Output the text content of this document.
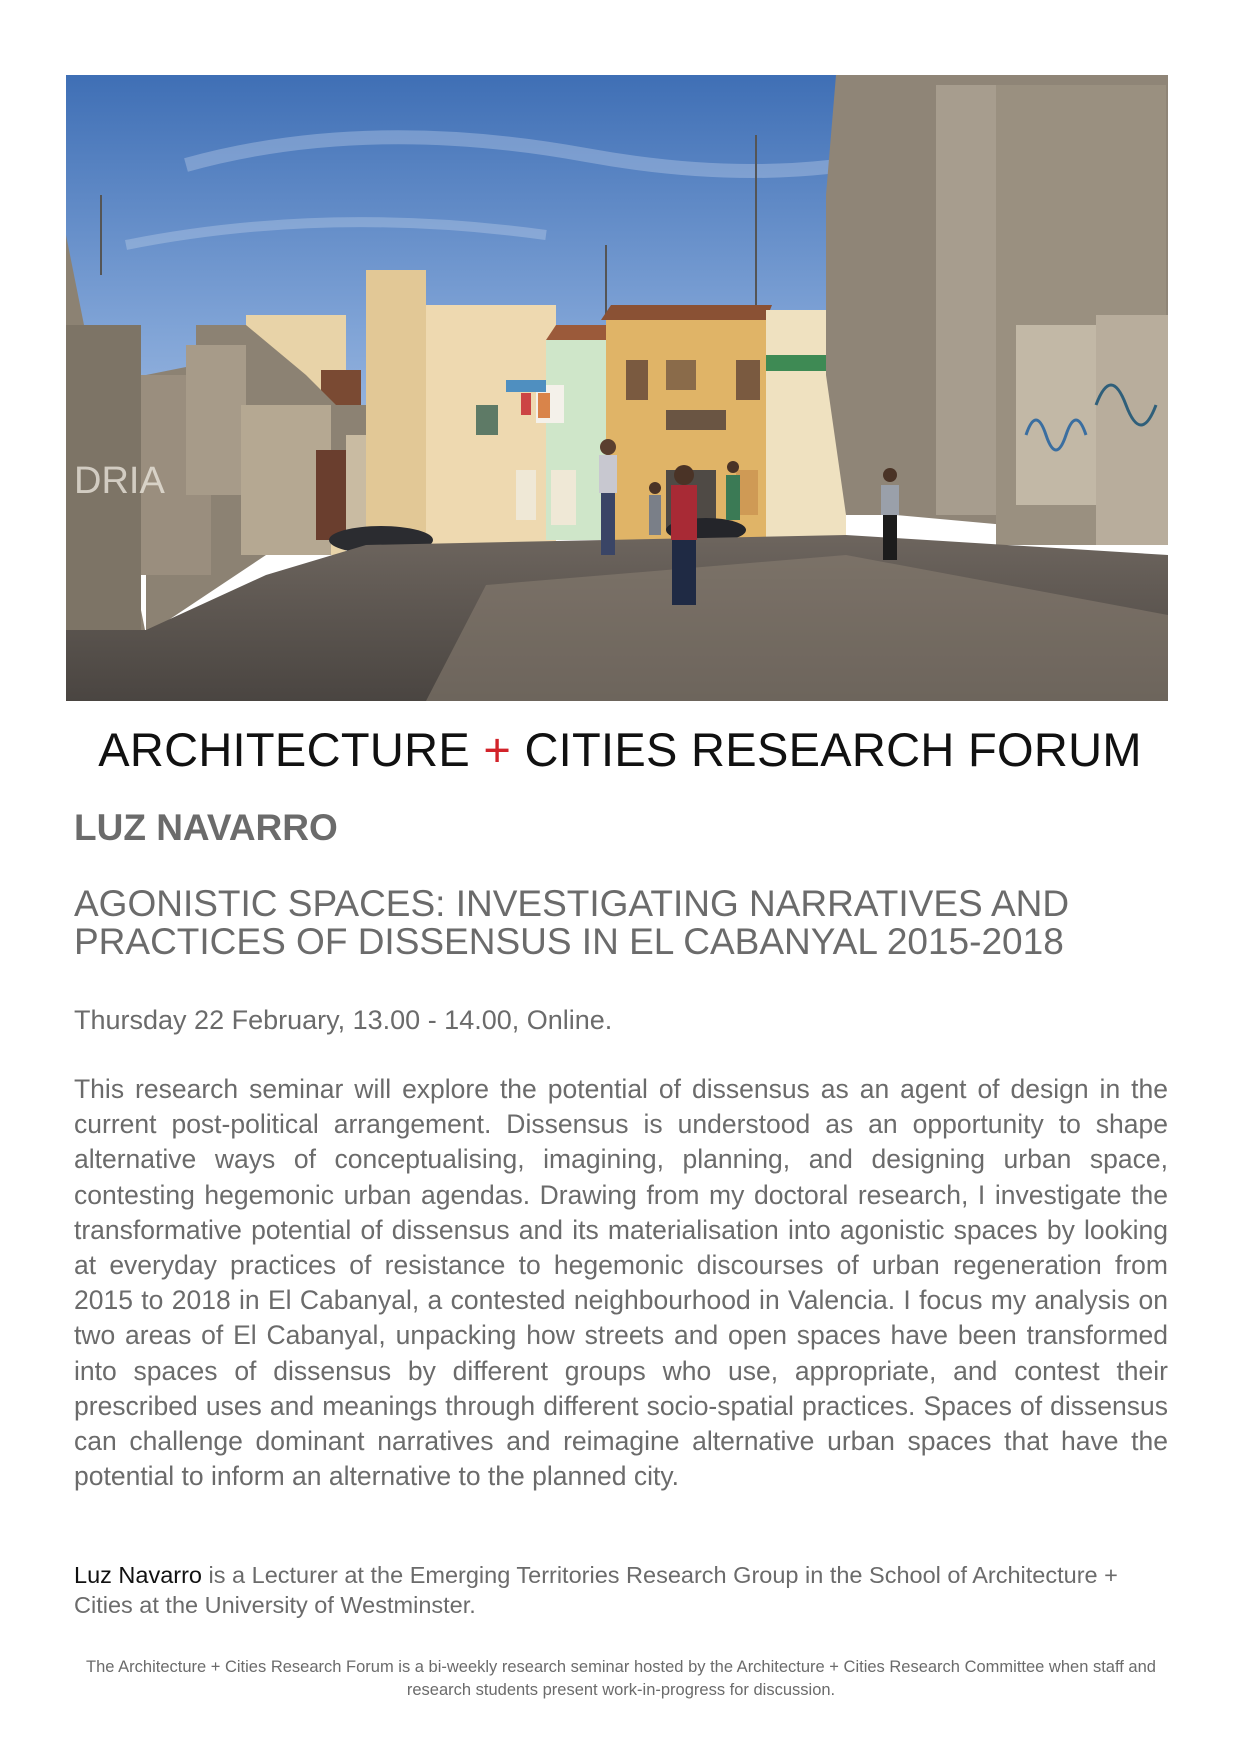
DRIA
ARCHITECTURE + CITIES RESEARCH FORUM
LUZ NAVARRO
AGONISTIC SPACES: INVESTIGATING NARRATIVES AND
PRACTICES OF DISSENSUS IN EL CABANYAL 2015-2018
Thursday 22 February, 13.00 - 14.00, Online.
This research seminar will explore the potential of dissensus as an agent of design in the current post-political arrangement. Dissensus is understood as an opportunity to shape alternative ways of conceptualising, imagining, planning, and designing urban space, contesting hegemonic urban agendas. Drawing from my doctoral research, I investigate the transformative potential of dissensus and its materialisation into agonistic spaces by looking at everyday practices of resistance to hegemonic discourses of urban regeneration from 2015 to 2018 in El Cabanyal, a contested neighbourhood in Valencia. I focus my analysis on two areas of El Cabanyal, unpacking how streets and open spaces have been transformed into spaces of dissensus by different groups who use, appropriate, and contest their prescribed uses and meanings through different socio-spatial practices. Spaces of dissensus can challenge dominant narratives and reimagine alternative urban spaces that have the potential to inform an alternative to the planned city.
Luz Navarro is a Lecturer at the Emerging Territories Research Group in the School of Architecture + Cities at the University of Westminster.
The Architecture + Cities Research Forum is a bi-weekly research seminar hosted by the Architecture + Cities Research Committee when staff and research students present work-in-progress for discussion.
